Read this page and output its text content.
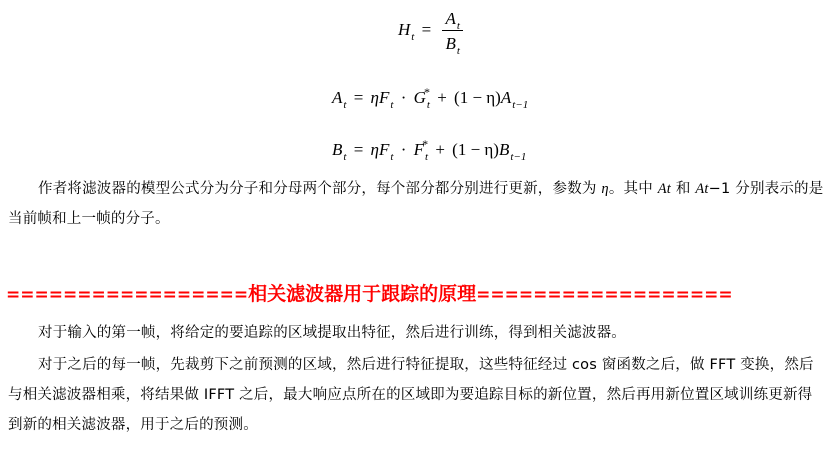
$H_t = \frac{A_t}{B_t}$
$A_t = \eta F_t \cdot G_t^* + (1 - \eta)A_{t-1}$
$B_t = \eta F_t \cdot F_t^* + (1 - \eta)B_{t-1}$

作者将滤波器的模型公式分为分子和分母两个部分，每个部分都分别进行更新，参数为 η。其中 At 和 At−1 分别表示的是当前帧和上一帧的分子。

=================相关滤波器用于跟踪的原理==================

对于输入的第一帧，将给定的要追踪的区域提取出特征，然后进行训练，得到相关滤波器。

对于之后的每一帧，先裁剪下之前预测的区域，然后进行特征提取，这些特征经过 cos 窗函数之后，做 FFT 变换，然后与相关滤波器相乘，将结果做 IFFT 之后，最大响应点所在的区域即为要追踪目标的新位置，然后再用新位置区域训练更新得到新的相关滤波器，用于之后的预测。
